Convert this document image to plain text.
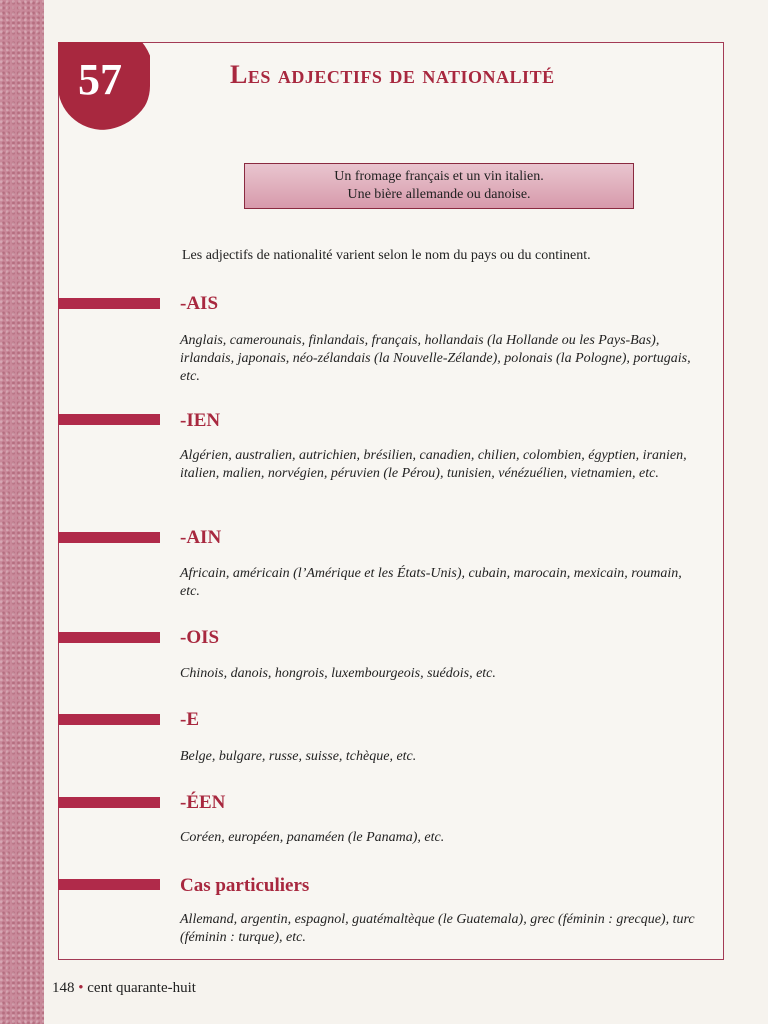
57	Les adjectifs de nationalité
Un fromage français et un vin italien.
Une bière allemande ou danoise.
Les adjectifs de nationalité varient selon le nom du pays ou du continent.
-AIS
Anglais, camerounais, finlandais, français, hollandais (la Hollande ou les Pays-Bas), irlandais, japonais, néo-zélandais (la Nouvelle-Zélande), polonais (la Pologne), portugais, etc.
-IEN
Algérien, australien, autrichien, brésilien, canadien, chilien, colombien, égyptien, iranien, italien, malien, norvégien, péruvien (le Pérou), tunisien, vénézuélien, vietnamien, etc.
-AIN
Africain, américain (l’Amérique et les États-Unis), cubain, marocain, mexicain, roumain, etc.
-OIS
Chinois, danois, hongrois, luxembourgeois, suédois, etc.
-E
Belge, bulgare, russe, suisse, tchèque, etc.
-ÉEN
Coréen, européen, panaméen (le Panama), etc.
Cas particuliers
Allemand, argentin, espagnol, guatémaltèque (le Guatemala), grec (féminin : grecque), turc (féminin : turque), etc.
148 • cent quarante-huit
